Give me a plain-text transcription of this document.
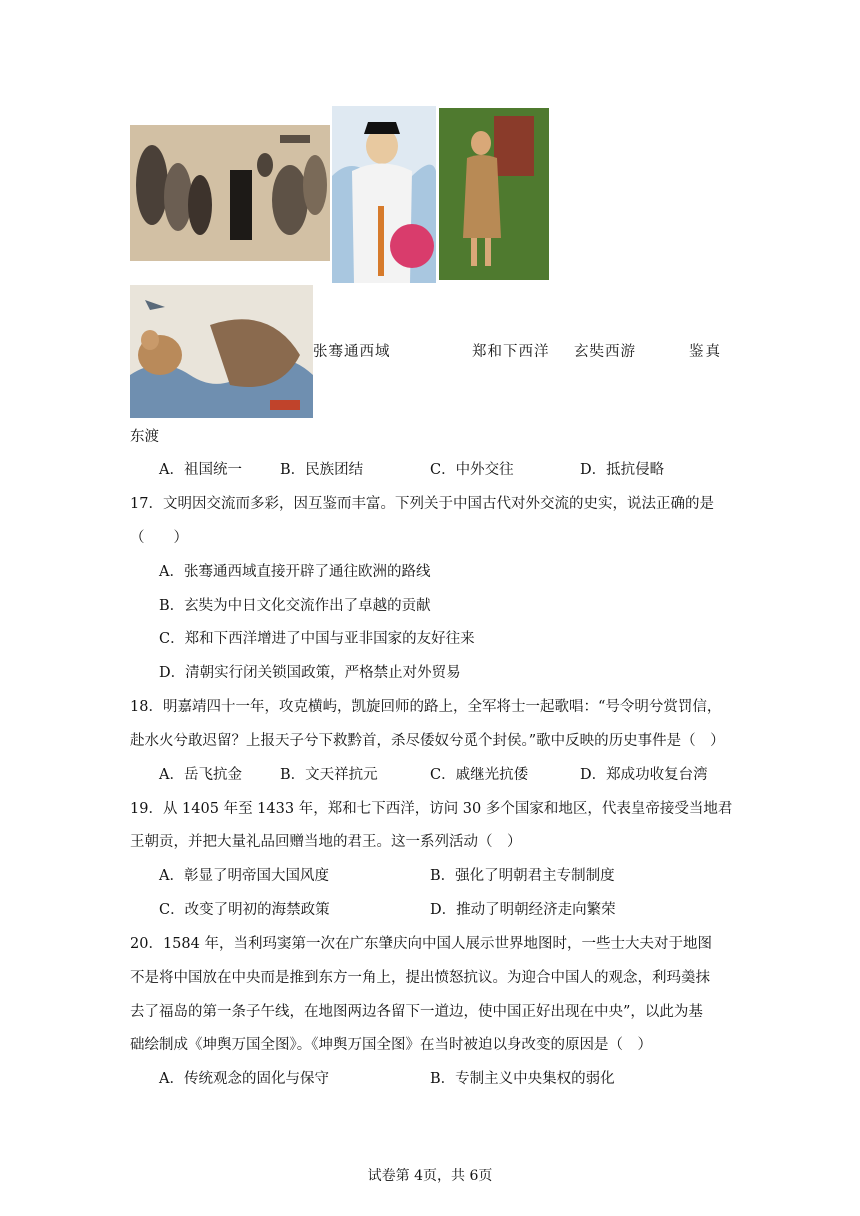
张骞通西域	郑和下西洋 玄奘西游	鉴真
东渡
A．祖国统一	B．民族团结	C．中外交往	D．抵抗侵略
17．文明因交流而多彩，因互鉴而丰富。下列关于中国古代对外交流的史实，说法正确的是
（　　）
A．张骞通西域直接开辟了通往欧洲的路线
B．玄奘为中日文化交流作出了卓越的贡献
C．郑和下西洋增进了中国与亚非国家的友好往来
D．清朝实行闭关锁国政策，严格禁止对外贸易
18．明嘉靖四十一年，攻克横屿，凯旋回师的路上，全军将士一起歌唱：“号令明兮赏罚信，
赴水火兮敢迟留？上报天子兮下救黔首，杀尽倭奴兮觅个封侯。”歌中反映的历史事件是（　）
A．岳飞抗金	B．文天祥抗元	C．戚继光抗倭	D．郑成功收复台湾
19．从 1405 年至 1433 年，郑和七下西洋，访问 30 多个国家和地区，代表皇帝接受当地君
王朝贡，并把大量礼品回赠当地的君王。这一系列活动（　）
A．彰显了明帝国大国风度	B．强化了明朝君主专制制度
C．改变了明初的海禁政策	D．推动了明朝经济走向繁荣
20．1584 年，当利玛窦第一次在广东肇庆向中国人展示世界地图时，一些士大夫对于地图
不是将中国放在中央而是推到东方一角上，提出愤怒抗议。为迎合中国人的观念，利玛羮抹
去了福岛的第一条子午线，在地图两边各留下一道边，使中国正好出现在中央”，以此为基
础绘制成《坤舆万国全图》。《坤舆万国全图》在当时被迫以身改变的原因是（　）
A．传统观念的固化与保守	B．专制主义中央集权的弱化
试卷第 4页，共 6页
